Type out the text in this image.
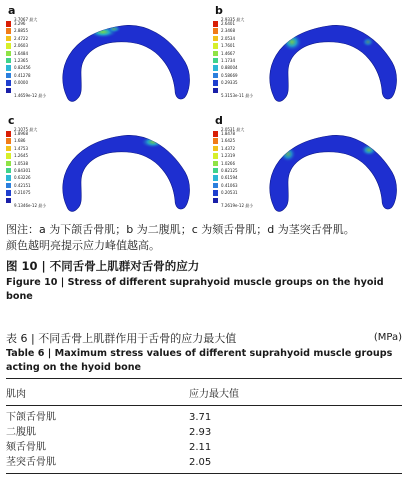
a
3.7067 最大
3.296
2.8855
2.4722
2.0603
1.6484
1.2365
0.82456
0.41278
0.0000
1.4659e-12 最小
b
2.9335 最大
2.6401
2.3468
2.0534
1.7601
1.4667
1.1734
0.88004
0.58669
0.29335
5.3153e-11 最小
c
2.1075 最大
1.8968
1.686
1.4753
1.2645
1.0538
0.84301
0.63226
0.42151
0.21075
9.1346e-12 最小
d
2.0531 最大
1.8478
1.6425
1.4372
1.2319
1.0266
0.82125
0.61594
0.41063
0.20531
7.2619e-12 最小
图注：a 为下颌舌骨肌；b 为二腹肌；c 为颏舌骨肌；d 为茎突舌骨肌。
颜色越明亮提示应力峰值越高。
图 10 | 不同舌骨上肌群对舌骨的应力
Figure 10 | Stress of different suprahyoid muscle groups on the hyoid bone
表 6 | 不同舌骨上肌群作用于舌骨的应力最大值	(MPa)
Table 6 | Maximum stress values of different suprahyoid muscle groups acting on the hyoid bone
肌肉	应力最大值
下颌舌骨肌	3.71
二腹肌	2.93
颏舌骨肌	2.11
茎突舌骨肌	2.05
